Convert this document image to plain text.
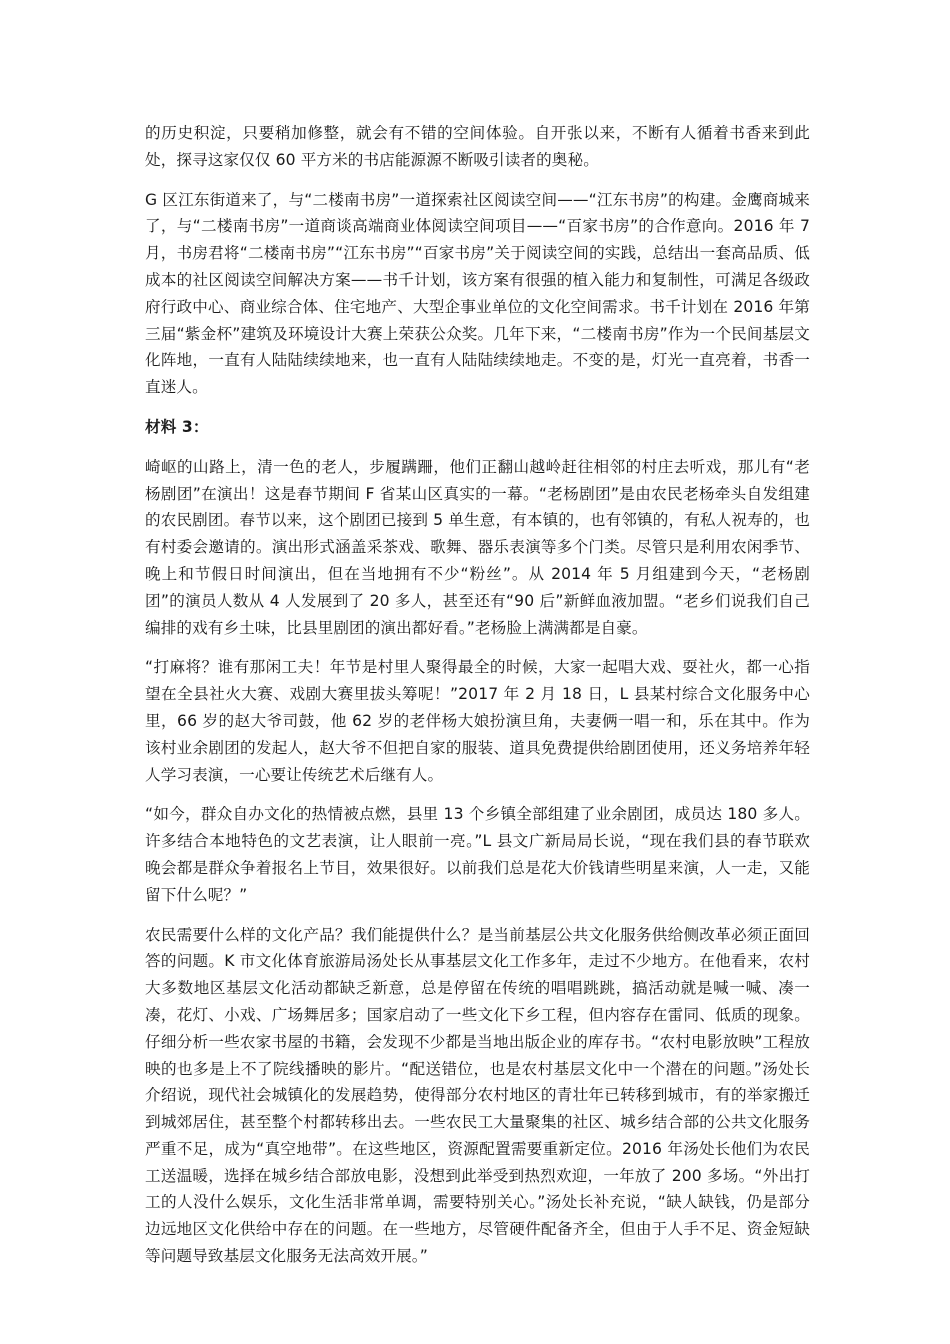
的历史积淀，只要稍加修整，就会有不错的空间体验。自开张以来，不断有人循着书香来到此处，探寻这家仅仅 60 平方米的书店能源源不断吸引读者的奥秘。

G 区江东街道来了，与“二楼南书房”一道探索社区阅读空间——“江东书房”的构建。金鹰商城来了，与“二楼南书房”一道商谈高端商业体阅读空间项目——“百家书房”的合作意向。2016 年 7 月，书房君将“二楼南书房”“江东书房”“百家书房”关于阅读空间的实践，总结出一套高品质、低成本的社区阅读空间解决方案——书千计划，该方案有很强的植入能力和复制性，可满足各级政府行政中心、商业综合体、住宅地产、大型企事业单位的文化空间需求。书千计划在 2016 年第三届“紫金杯”建筑及环境设计大赛上荣获公众奖。几年下来，“二楼南书房”作为一个民间基层文化阵地，一直有人陆陆续续地来，也一直有人陆陆续续地走。不变的是，灯光一直亮着，书香一直迷人。

材料 3：

崎岖的山路上，清一色的老人，步履蹒跚，他们正翻山越岭赶往相邻的村庄去听戏，那儿有“老杨剧团”在演出！这是春节期间 F 省某山区真实的一幕。“老杨剧团”是由农民老杨牵头自发组建的农民剧团。春节以来，这个剧团已接到 5 单生意，有本镇的，也有邻镇的，有私人祝寿的，也有村委会邀请的。演出形式涵盖采茶戏、歌舞、器乐表演等多个门类。尽管只是利用农闲季节、晚上和节假日时间演出，但在当地拥有不少“粉丝”。从 2014 年 5 月组建到今天，“老杨剧团”的演员人数从 4 人发展到了 20 多人，甚至还有“90 后”新鲜血液加盟。“老乡们说我们自己编排的戏有乡土味，比县里剧团的演出都好看。”老杨脸上满满都是自豪。

“打麻将？谁有那闲工夫！年节是村里人聚得最全的时候，大家一起唱大戏、耍社火，都一心指望在全县社火大赛、戏剧大赛里拔头筹呢！”2017 年 2 月 18 日，L 县某村综合文化服务中心里，66 岁的赵大爷司鼓，他 62 岁的老伴杨大娘扮演旦角，夫妻俩一唱一和，乐在其中。作为该村业余剧团的发起人，赵大爷不但把自家的服装、道具免费提供给剧团使用，还义务培养年轻人学习表演，一心要让传统艺术后继有人。

“如今，群众自办文化的热情被点燃，县里 13 个乡镇全部组建了业余剧团，成员达 180 多人。许多结合本地特色的文艺表演，让人眼前一亮。”L 县文广新局局长说，“现在我们县的春节联欢晚会都是群众争着报名上节目，效果很好。以前我们总是花大价钱请些明星来演，人一走，又能留下什么呢？”

农民需要什么样的文化产品？我们能提供什么？是当前基层公共文化服务供给侧改革必须正面回答的问题。K 市文化体育旅游局汤处长从事基层文化工作多年，走过不少地方。在他看来，农村大多数地区基层文化活动都缺乏新意，总是停留在传统的唱唱跳跳，搞活动就是喊一喊、凑一凑，花灯、小戏、广场舞居多；国家启动了一些文化下乡工程，但内容存在雷同、低质的现象。仔细分析一些农家书屋的书籍，会发现不少都是当地出版企业的库存书。“农村电影放映”工程放映的也多是上不了院线播映的影片。“配送错位，也是农村基层文化中一个潜在的问题。”汤处长介绍说，现代社会城镇化的发展趋势，使得部分农村地区的青壮年已转移到城市，有的举家搬迁到城郊居住，甚至整个村都转移出去。一些农民工大量聚集的社区、城乡结合部的公共文化服务严重不足，成为“真空地带”。在这些地区，资源配置需要重新定位。2016 年汤处长他们为农民工送温暖，选择在城乡结合部放电影，没想到此举受到热烈欢迎，一年放了 200 多场。“外出打工的人没什么娱乐，文化生活非常单调，需要特别关心。”汤处长补充说，“缺人缺钱，仍是部分边远地区文化供给中存在的问题。在一些地方，尽管硬件配备齐全，但由于人手不足、资金短缺等问题导致基层文化服务无法高效开展。”
